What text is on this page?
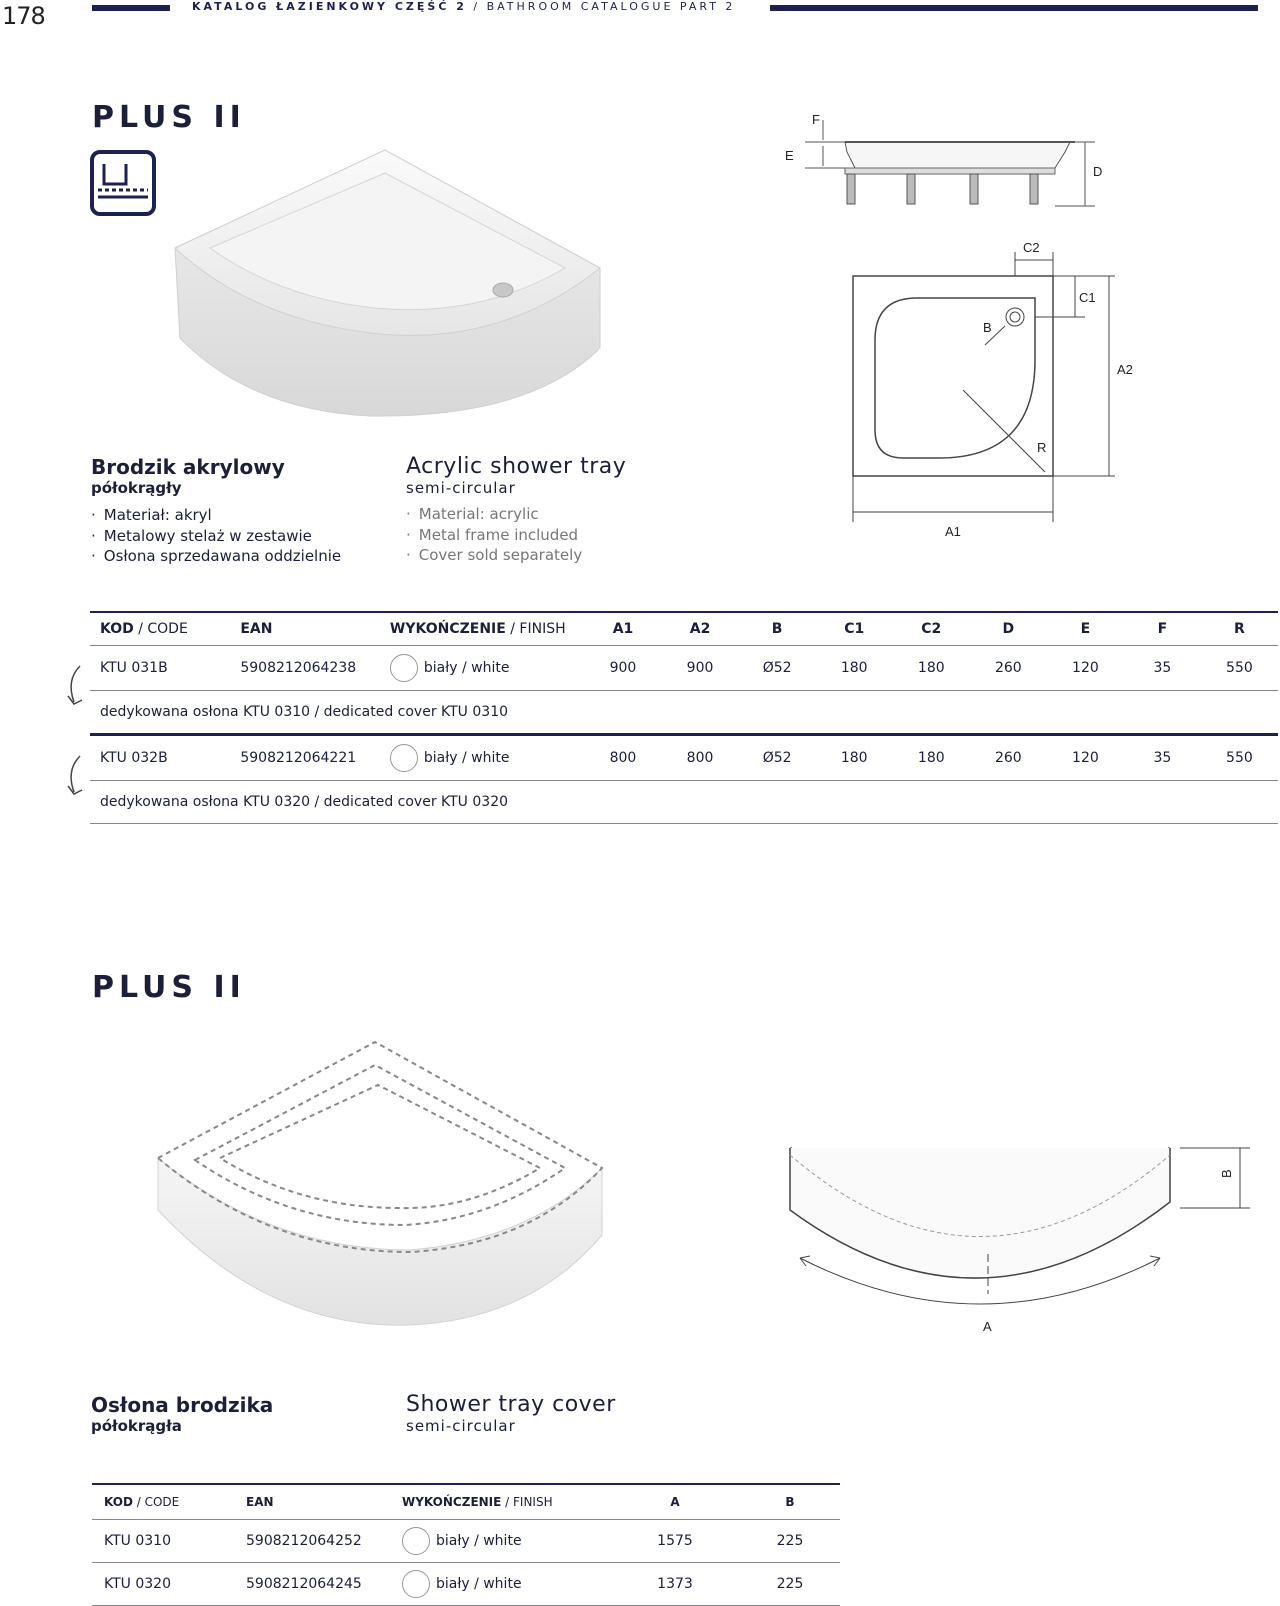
178	KATALOG ŁAZIENKOWY CZĘŚĆ 2 / BATHROOM CATALOGUE PART 2
PLUS II	F
E
D
C2
C1
B
A2
R
A1
Brodzik akrylowy
półokrągły
· Materiał: akryl
· Metalowy stelaż w zestawie
· Osłona sprzedawana oddzielnie
Acrylic shower tray
semi-circular
· Material: acrylic
· Metal frame included
· Cover sold separately
KOD / CODE	EAN	WYKOŃCZENIE / FINISH	A1	A2	B	C1	C2	D	E	F	R
KTU 031B	5908212064238	biały / white	900	900	Ø52	180	180	260	120	35	550
dedykowana osłona KTU 0310 / dedicated cover KTU 0310											
KTU 032B	5908212064221	biały / white	800	800	Ø52	180	180	260	120	35	550
dedykowana osłona KTU 0320 / dedicated cover KTU 0320											
PLUS II
A
B
Osłona brodzika
półokrągła
Shower tray cover
semi-circular
KOD / CODE	EAN	WYKOŃCZENIE / FINISH	A	B
KTU 0310	5908212064252	biały / white	1575	225
KTU 0320	5908212064245	biały / white	1373	225
